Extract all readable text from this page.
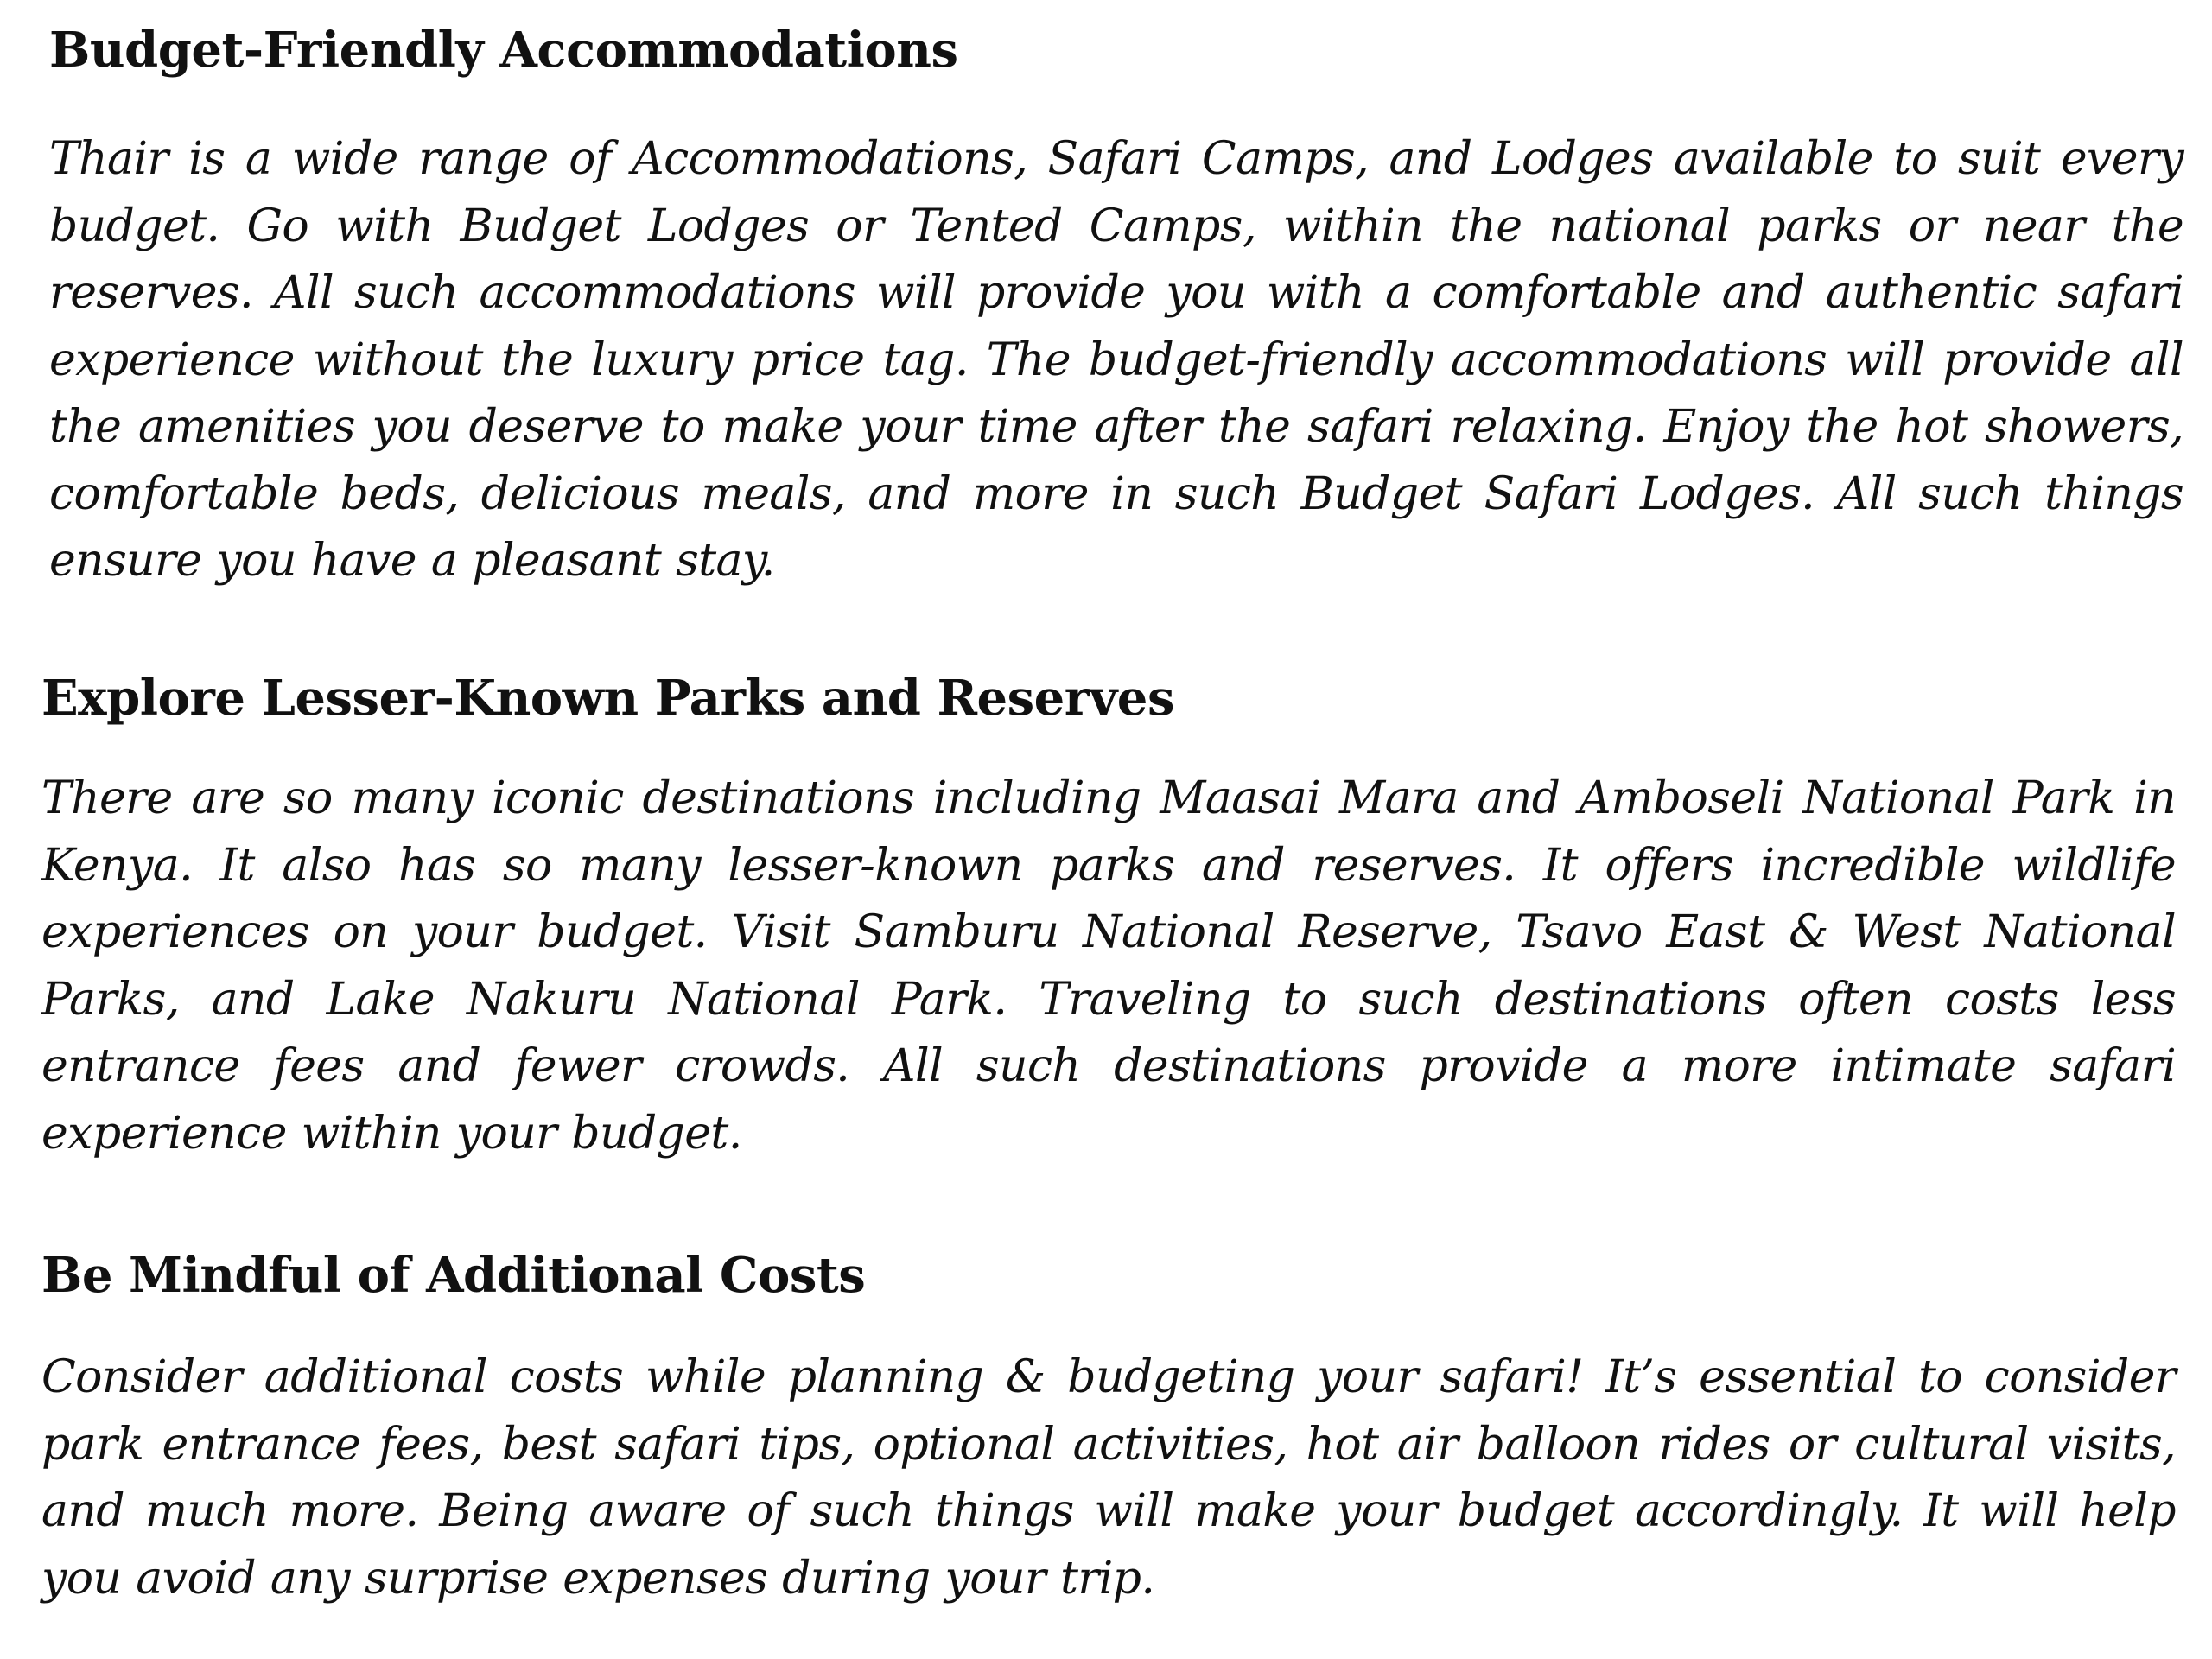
Budget-Friendly Accommodations

Thair is a wide range of Accommodations, Safari Camps, and Lodges available to suit every budget. Go with Budget Lodges or Tented Camps, within the national parks or near the reserves. All such accommodations will provide you with a comfortable and authentic safari experience without the luxury price tag. The budget-friendly accommodations will provide all the amenities you deserve to make your time after the safari relaxing. Enjoy the hot showers, comfortable beds, delicious meals, and more in such Budget Safari Lodges. All such things ensure you have a pleasant stay.

Explore Lesser-Known Parks and Reserves

There are so many iconic destinations including Maasai Mara and Amboseli National Park in Kenya. It also has so many lesser-known parks and reserves. It offers incredible wildlife experiences on your budget. Visit Samburu National Reserve, Tsavo East & West National Parks, and Lake Nakuru National Park. Traveling to such destinations often costs less entrance fees and fewer crowds. All such destinations provide a more intimate safari experience within your budget.

Be Mindful of Additional Costs

Consider additional costs while planning & budgeting your safari! It’s essential to consider park entrance fees, best safari tips, optional activities, hot air balloon rides or cultural visits, and much more. Being aware of such things will make your budget accordingly. It will help you avoid any surprise expenses during your trip.
